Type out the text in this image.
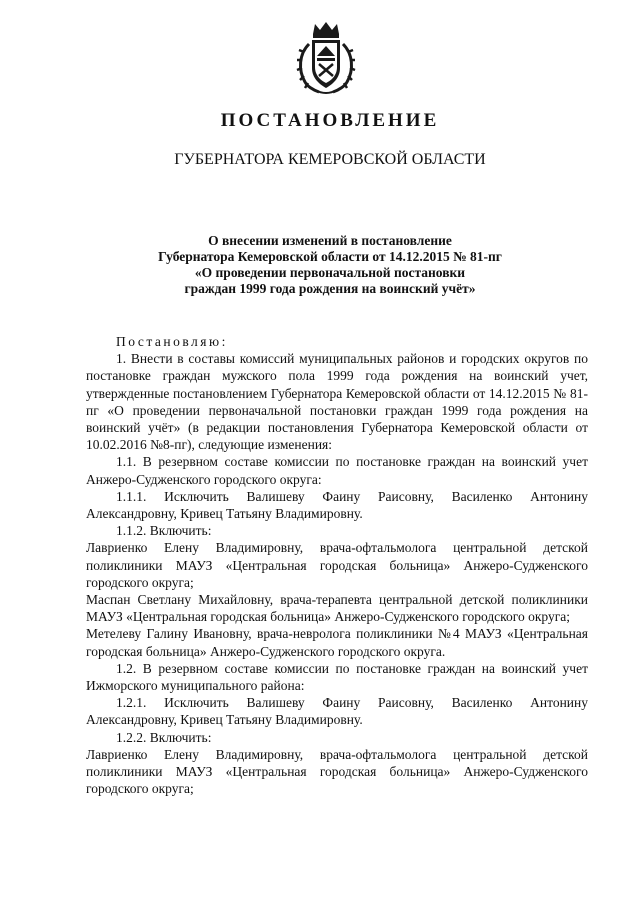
ПОСТАНОВЛЕНИЕ
ГУБЕРНАТОРА КЕМЕРОВСКОЙ ОБЛАСТИ
О внесении изменений в постановление
Губернатора Кемеровской области от 14.12.2015 № 81-пг
«О проведении первоначальной постановки
граждан 1999 года рождения на воинский учёт»
Постановляю:
1. Внести в составы комиссий муниципальных районов и городских округов по постановке граждан мужского пола 1999 года рождения на воинский учет, утвержденные постановлением Губернатора Кемеровской области от 14.12.2015 № 81-пг «О проведении первоначальной постановки граждан 1999 года рождения на воинский учёт» (в редакции постановления Губернатора Кемеровской области от 10.02.2016 №8-пг), следующие изменения:
1.1. В резервном составе комиссии по постановке граждан на воинский учет Анжеро-Судженского городского округа:
1.1.1. Исключить Валишеву Фаину Раисовну, Василенко Антонину Александровну, Кривец Татьяну Владимировну.
1.1.2. Включить:
Лавриенко Елену Владимировну, врача-офтальмолога центральной детской поликлиники МАУЗ «Центральная городская больница» Анжеро-Судженского городского округа;
Маспан Светлану Михайловну, врача-терапевта центральной детской поликлиники МАУЗ «Центральная городская больница» Анжеро-Судженского городского округа;
Метелеву Галину Ивановну, врача-невролога поликлиники №4 МАУЗ «Центральная городская больница» Анжеро-Судженского городского округа.
1.2. В резервном составе комиссии по постановке граждан на воинский учет Ижморского муниципального района:
1.2.1. Исключить Валишеву Фаину Раисовну, Василенко Антонину Александровну, Кривец Татьяну Владимировну.
1.2.2. Включить:
Лавриенко Елену Владимировну, врача-офтальмолога центральной детской поликлиники МАУЗ «Центральная городская больница» Анжеро-Судженского городского округа;
